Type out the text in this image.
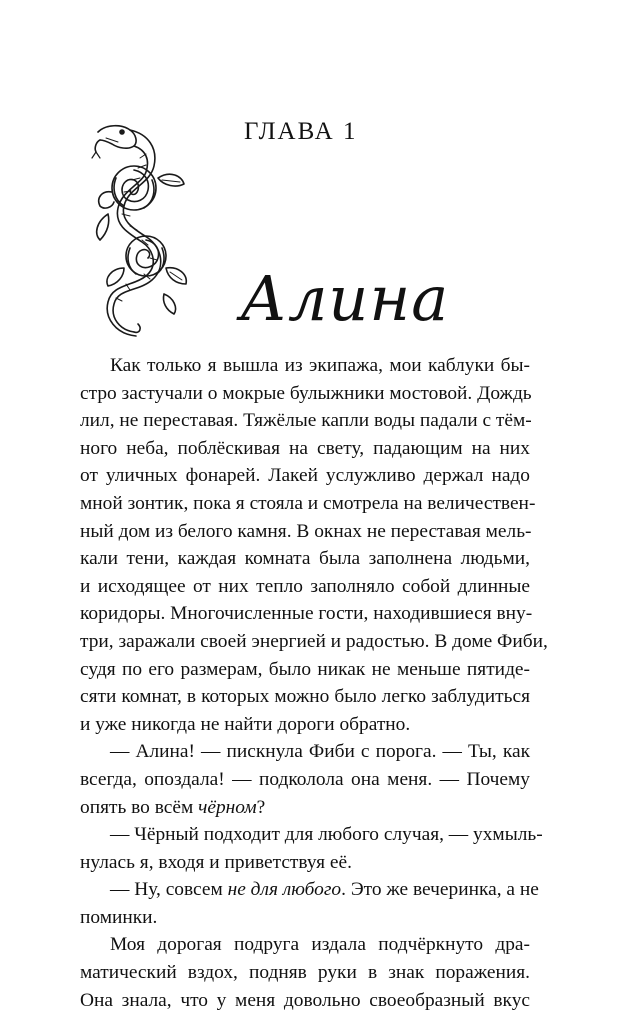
ГЛАВА 1
Алина
Как только я вышла из экипажа, мои каблуки бы-
стро застучали о мокрые булыжники мостовой. Дождь
лил, не переставая. Тяжёлые капли воды падали с тём-
ного неба, поблёскивая на свету, падающим на них
от уличных фонарей. Лакей услужливо держал надо
мной зонтик, пока я стояла и смотрела на величествен-
ный дом из белого камня. В окнах не переставая мель-
кали тени, каждая комната была заполнена людьми,
и исходящее от них тепло заполняло собой длинные
коридоры. Многочисленные гости, находившиеся вну-
три, заражали своей энергией и радостью. В доме Фиби,
судя по его размерам, было никак не меньше пятиде-
сяти комнат, в которых можно было легко заблудиться
и уже никогда не найти дороги обратно.
— Алина! — пискнула Фиби с порога. — Ты, как
всегда, опоздала! — подколола она меня. — Почему
опять во всём чёрном?
— Чёрный подходит для любого случая, — ухмыль-
нулась я, входя и приветствуя её.
— Ну, совсем не для любого. Это же вечеринка, а не
поминки.
Моя дорогая подруга издала подчёркнуто дра-
матический вздох, подняв руки в знак поражения.
Она знала, что у меня довольно своеобразный вкус
